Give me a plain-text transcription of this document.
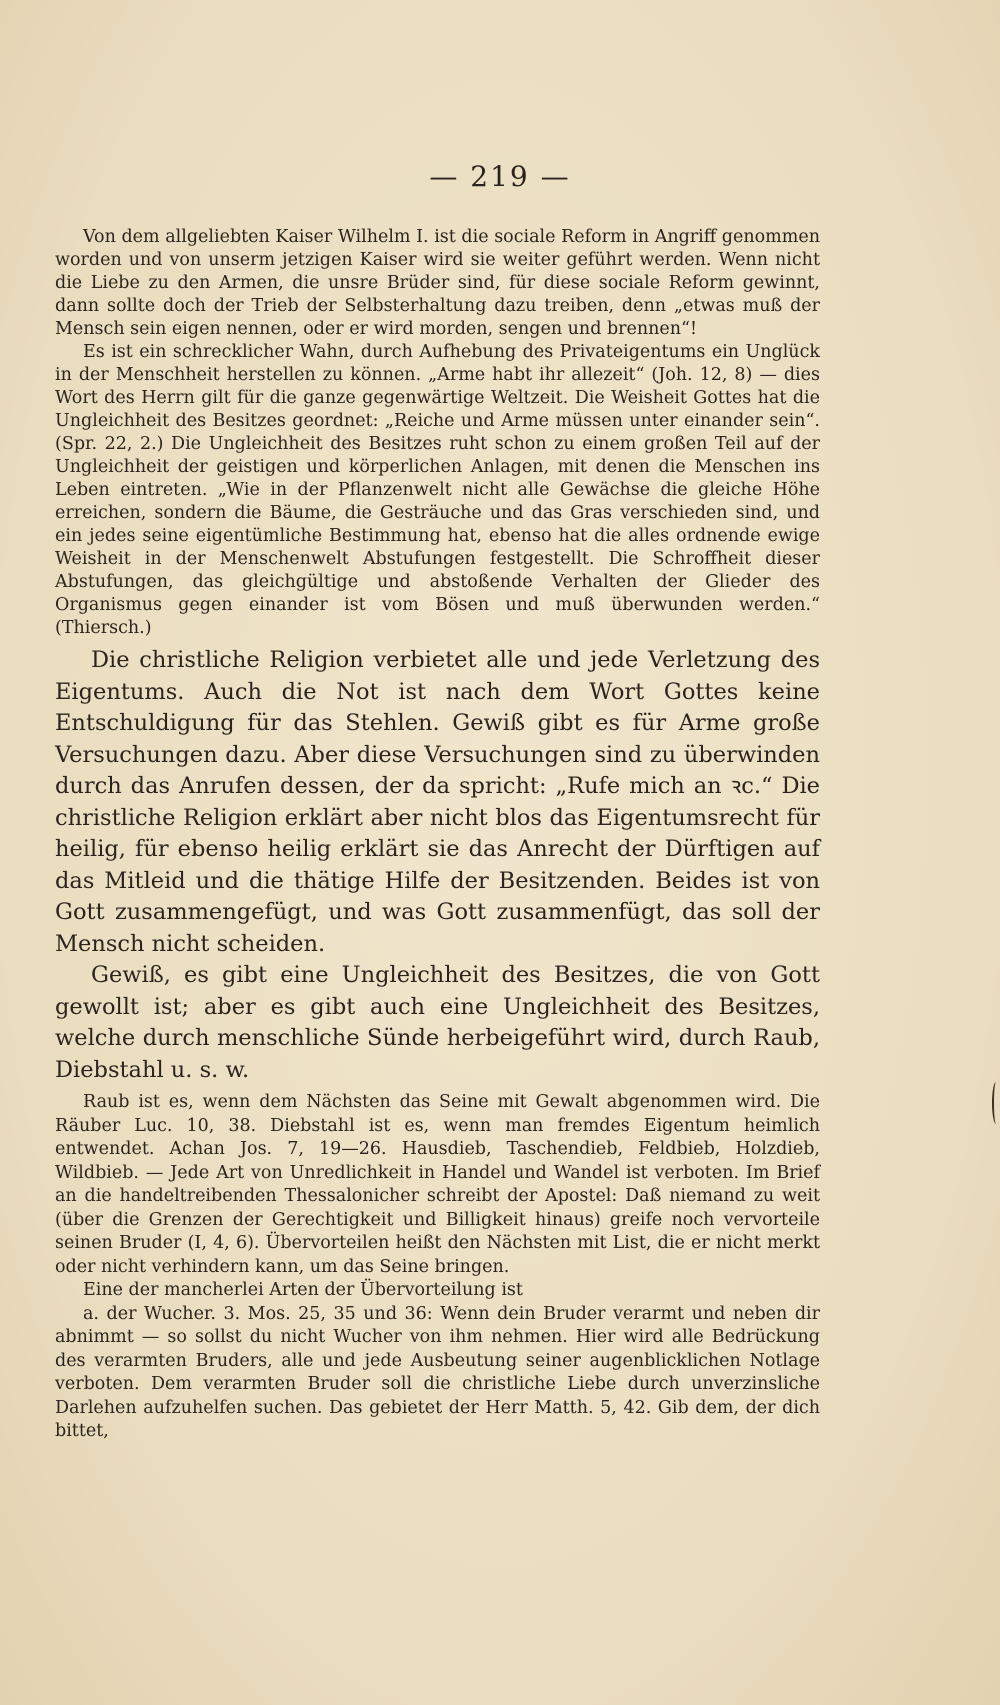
— 219 —

Von dem allgeliebten Kaiser Wilhelm I. ist die sociale Reform in Angriff genommen worden und von unserm jetzigen Kaiser wird sie weiter geführt werden. Wenn nicht die Liebe zu den Armen, die unsre Brüder sind, für diese sociale Reform gewinnt, dann sollte doch der Trieb der Selbsterhaltung dazu treiben, denn „etwas muß der Mensch sein eigen nennen, oder er wird morden, sengen und brennen“!

Es ist ein schrecklicher Wahn, durch Aufhebung des Privateigentums ein Unglück in der Menschheit herstellen zu können. „Arme habt ihr allezeit“ (Joh. 12, 8) — dies Wort des Herrn gilt für die ganze gegenwärtige Weltzeit. Die Weisheit Gottes hat die Ungleichheit des Besitzes geordnet: „Reiche und Arme müssen unter einander sein“. (Spr. 22, 2.) Die Ungleichheit des Besitzes ruht schon zu einem großen Teil auf der Ungleichheit der geistigen und körperlichen Anlagen, mit denen die Menschen ins Leben eintreten. „Wie in der Pflanzenwelt nicht alle Gewächse die gleiche Höhe erreichen, sondern die Bäume, die Gesträuche und das Gras verschieden sind, und ein jedes seine eigentümliche Bestimmung hat, ebenso hat die alles ordnende ewige Weisheit in der Menschenwelt Abstufungen festgestellt. Die Schroffheit dieser Abstufungen, das gleichgültige und abstoßende Verhalten der Glieder des Organismus gegen einander ist vom Bösen und muß überwunden werden.“ (Thiersch.)

Die christliche Religion verbietet alle und jede Verletzung des Eigentums. Auch die Not ist nach dem Wort Gottes keine Entschuldigung für das Stehlen. Gewiß gibt es für Arme große Versuchungen dazu. Aber diese Versuchungen sind zu überwinden durch das Anrufen dessen, der da spricht: „Rufe mich an ꝛc.“ Die christliche Religion erklärt aber nicht blos das Eigentumsrecht für heilig, für ebenso heilig erklärt sie das Anrecht der Dürftigen auf das Mitleid und die thätige Hilfe der Besitzenden. Beides ist von Gott zusammengefügt, und was Gott zusammenfügt, das soll der Mensch nicht scheiden.

Gewiß, es gibt eine Ungleichheit des Besitzes, die von Gott gewollt ist; aber es gibt auch eine Ungleichheit des Besitzes, welche durch menschliche Sünde herbeigeführt wird, durch Raub, Diebstahl u. s. w.

Raub ist es, wenn dem Nächsten das Seine mit Gewalt abgenommen wird. Die Räuber Luc. 10, 38. Diebstahl ist es, wenn man fremdes Eigentum heimlich entwendet. Achan Jos. 7, 19—26. Hausdieb, Taschendieb, Feldbieb, Holzdieb, Wildbieb. — Jede Art von Unredlichkeit in Handel und Wandel ist verboten. Im Brief an die handeltreibenden Thessalonicher schreibt der Apostel: Daß niemand zu weit (über die Grenzen der Gerechtigkeit und Billigkeit hinaus) greife noch vervorteile seinen Bruder (I, 4, 6). Übervorteilen heißt den Nächsten mit List, die er nicht merkt oder nicht verhindern kann, um das Seine bringen.

Eine der mancherlei Arten der Übervorteilung ist

a. der Wucher. 3. Mos. 25, 35 und 36: Wenn dein Bruder verarmt und neben dir abnimmt — so sollst du nicht Wucher von ihm nehmen. Hier wird alle Bedrückung des verarmten Bruders, alle und jede Ausbeutung seiner augenblicklichen Notlage verboten. Dem verarmten Bruder soll die christliche Liebe durch unverzinsliche Darlehen aufzuhelfen suchen. Das gebietet der Herr Matth. 5, 42. Gib dem, der dich bittet,
